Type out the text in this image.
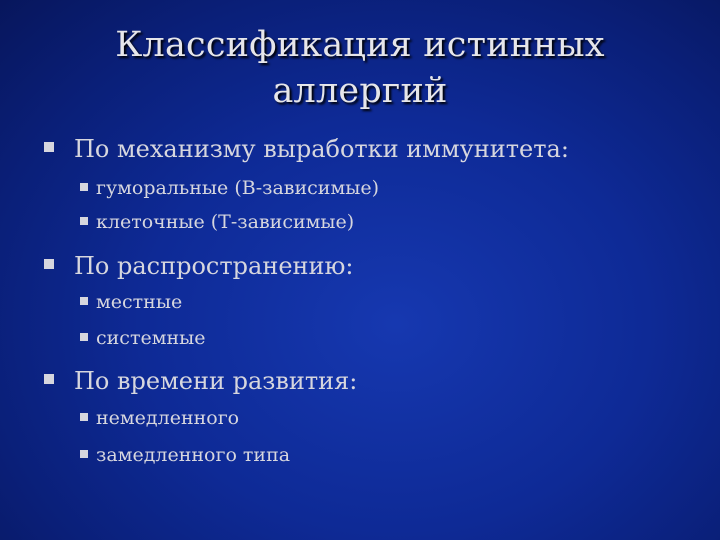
Классификация истинных
аллергий
По механизму выработки иммунитета:
гуморальные (В-зависимые)
клеточные (Т-зависимые)
По распространению:
местные
системные
По времени развития:
немедленного
замедленного типа
